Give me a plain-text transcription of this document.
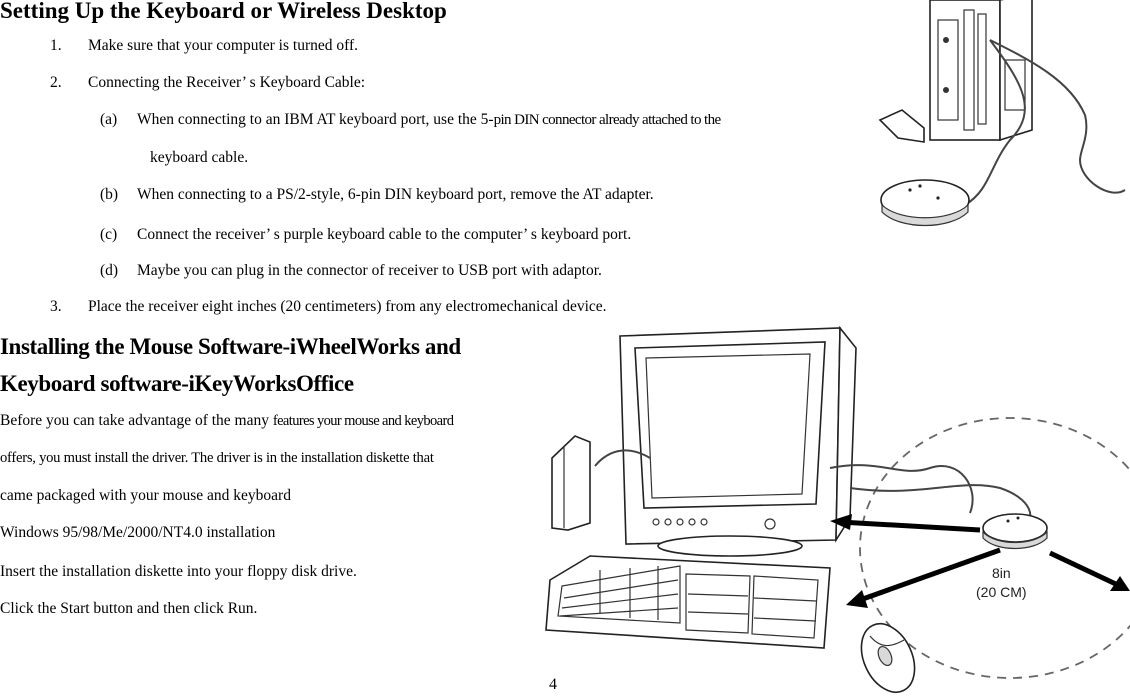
Setting Up the Keyboard or Wireless Desktop
1. Make sure that your computer is turned off.
2. Connecting the Receiver’ s Keyboard Cable:
(a) When connecting to an IBM AT keyboard port, use the 5-pin DIN connector already attached to the
keyboard cable.
(b) When connecting to a PS/2-style, 6-pin DIN keyboard port, remove the AT adapter.
(c) Connect the receiver’ s purple keyboard cable to the computer’ s keyboard port.
(d) Maybe you can plug in the connector of receiver to USB port with adaptor.
3. Place the receiver eight inches (20 centimeters) from any electromechanical device.
Installing the Mouse Software-iWheelWorks and
Keyboard software-iKeyWorksOffice
Before you can take advantage of the many features your mouse and keyboard
offers, you must install the driver. The driver is in the installation diskette that
came packaged with your mouse and keyboard
Windows 95/98/Me/2000/NT4.0 installation
Insert the installation diskette into your floppy disk drive.
Click the Start button and then click Run.
4
8in
(20 CM)
